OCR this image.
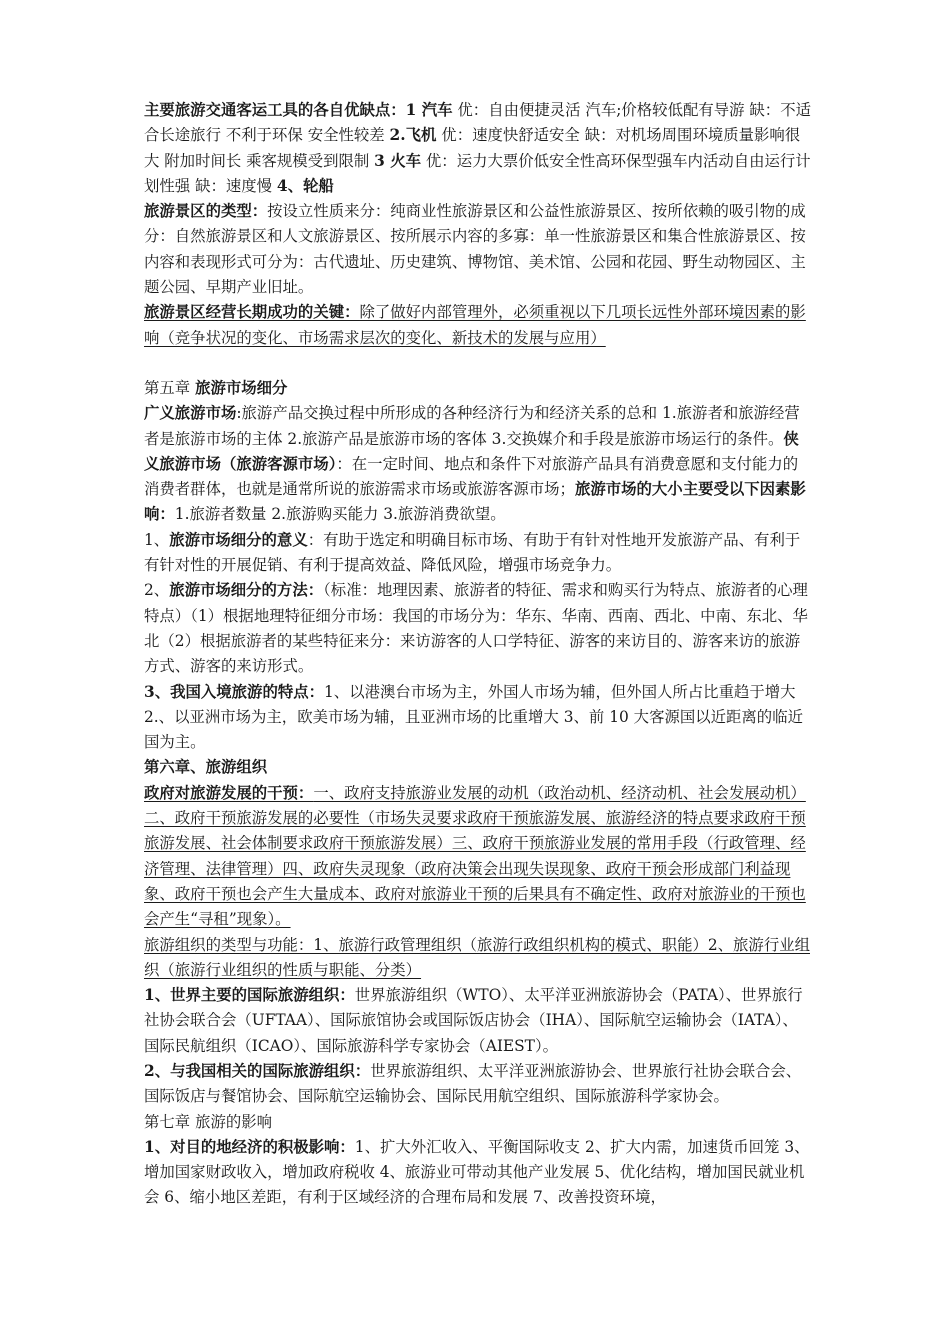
主要旅游交通客运工具的各自优缺点：1 汽车 优：自由便捷灵活 汽车;价格较低配有导游 缺：不适合长途旅行 不利于环保 安全性较差 2.飞机 优：速度快舒适安全 缺：对机场周围环境质量影响很大 附加时间长 乘客规模受到限制 3 火车 优：运力大票价低安全性高环保型强车内活动自由运行计划性强 缺：速度慢 4、轮船

旅游景区的类型：按设立性质来分：纯商业性旅游景区和公益性旅游景区、按所依赖的吸引物的成分：自然旅游景区和人文旅游景区、按所展示内容的多寡：单一性旅游景区和集合性旅游景区、按内容和表现形式可分为：古代遗址、历史建筑、博物馆、美术馆、公园和花园、野生动物园区、主题公园、早期产业旧址。

旅游景区经营长期成功的关键：除了做好内部管理外，必须重视以下几项长远性外部环境因素的影响（竞争状况的变化、市场需求层次的变化、新技术的发展与应用）

第五章 旅游市场细分

广义旅游市场:旅游产品交换过程中所形成的各种经济行为和经济关系的总和 1.旅游者和旅游经营者是旅游市场的主体 2.旅游产品是旅游市场的客体 3.交换媒介和手段是旅游市场运行的条件。侠义旅游市场（旅游客源市场）：在一定时间、地点和条件下对旅游产品具有消费意愿和支付能力的消费者群体，也就是通常所说的旅游需求市场或旅游客源市场；旅游市场的大小主要受以下因素影响：1.旅游者数量 2.旅游购买能力 3.旅游消费欲望。

1、旅游市场细分的意义：有助于选定和明确目标市场、有助于有针对性地开发旅游产品、有利于有针对性的开展促销、有利于提高效益、降低风险，增强市场竞争力。

2、旅游市场细分的方法：（标准：地理因素、旅游者的特征、需求和购买行为特点、旅游者的心理特点）（1）根据地理特征细分市场：我国的市场分为：华东、华南、西南、西北、中南、东北、华北（2）根据旅游者的某些特征来分：来访游客的人口学特征、游客的来访目的、游客来访的旅游方式、游客的来访形式。

3、我国入境旅游的特点：1、以港澳台市场为主，外国人市场为辅，但外国人所占比重趋于增大 2.、以亚洲市场为主，欧美市场为辅，且亚洲市场的比重增大 3、前 10 大客源国以近距离的临近国为主。

第六章、旅游组织

政府对旅游发展的干预：一、政府支持旅游业发展的动机（政治动机、经济动机、社会发展动机）二、政府干预旅游发展的必要性（市场失灵要求政府干预旅游发展、旅游经济的特点要求政府干预旅游发展、社会体制要求政府干预旅游发展）三、政府干预旅游业发展的常用手段（行政管理、经济管理、法律管理）四、政府失灵现象（政府决策会出现失误现象、政府干预会形成部门利益现象、政府干预也会产生大量成本、政府对旅游业干预的后果具有不确定性、政府对旅游业的干预也会产生“寻租”现象）。

旅游组织的类型与功能：1、旅游行政管理组织（旅游行政组织机构的模式、职能）2、旅游行业组织（旅游行业组织的性质与职能、分类）

1、世界主要的国际旅游组织：世界旅游组织（WTO）、太平洋亚洲旅游协会（PATA）、世界旅行社协会联合会（UFTAA）、国际旅馆协会或国际饭店协会（IHA）、国际航空运输协会（IATA）、国际民航组织（ICAO）、国际旅游科学专家协会（AIEST）。

2、与我国相关的国际旅游组织：世界旅游组织、太平洋亚洲旅游协会、世界旅行社协会联合会、国际饭店与餐馆协会、国际航空运输协会、国际民用航空组织、国际旅游科学家协会。

第七章 旅游的影响

1、对目的地经济的积极影响：1、扩大外汇收入、平衡国际收支 2、扩大内需，加速货币回笼 3、增加国家财政收入，增加政府税收 4、旅游业可带动其他产业发展 5、优化结构，增加国民就业机会 6、缩小地区差距，有利于区域经济的合理布局和发展 7、改善投资环境，
